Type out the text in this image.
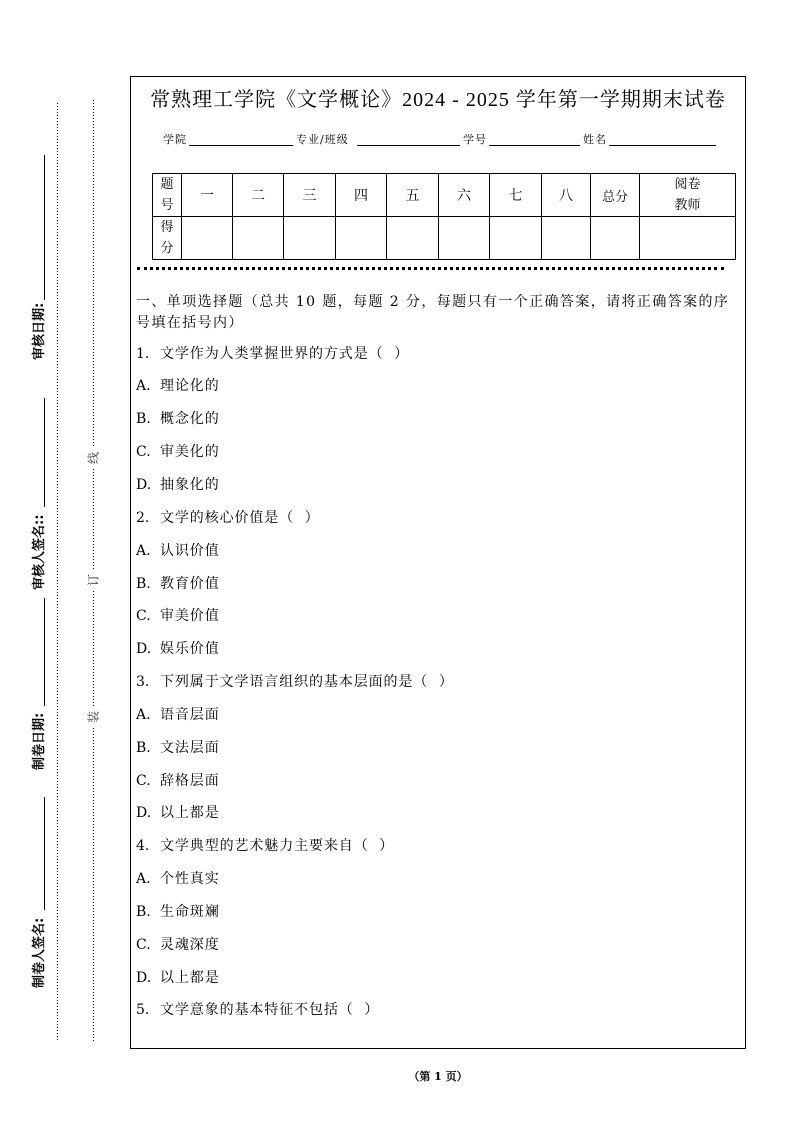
审核日期:
审核人签名::
制卷日期:
制卷人签名:
线
订
装
常熟理工学院《文学概论》2024 - 2025 学年第一学期期末试卷
学院	专业/班级	学号	姓名
题号	一	二	三	四	五	六	七	八	总分	阅卷教师
得分										
一、单项选择题（总共 10 题，每题 2 分，每题只有一个正确答案，请将正确答案的序号填在括号内）
1. 文学作为人类掌握世界的方式是（  ）
A. 理论化的
B. 概念化的
C. 审美化的
D. 抽象化的
2. 文学的核心价值是（  ）
A. 认识价值
B. 教育价值
C. 审美价值
D. 娱乐价值
3. 下列属于文学语言组织的基本层面的是（  ）
A. 语音层面
B. 文法层面
C. 辞格层面
D. 以上都是
4. 文学典型的艺术魅力主要来自（  ）
A. 个性真实
B. 生命斑斓
C. 灵魂深度
D. 以上都是
5. 文学意象的基本特征不包括（  ）
（第 1 页）
